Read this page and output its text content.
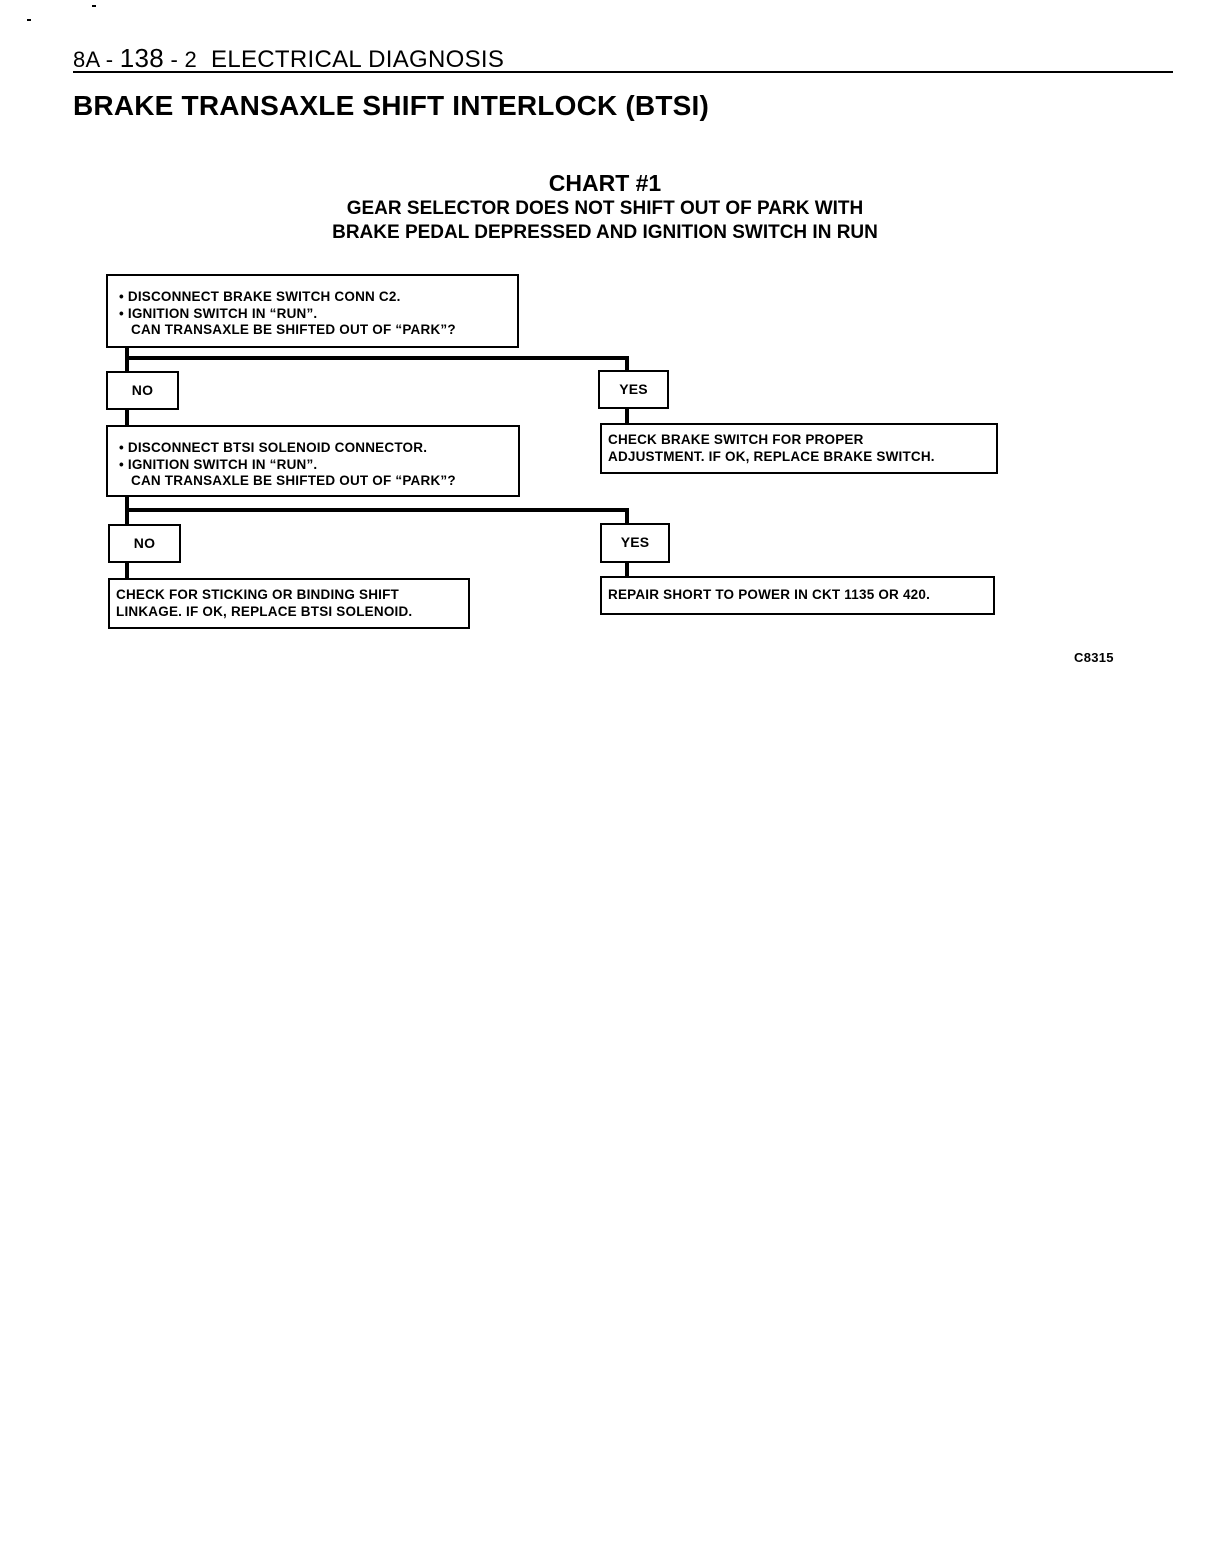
8A - 138 - 2 ELECTRICAL DIAGNOSIS
BRAKE TRANSAXLE SHIFT INTERLOCK (BTSI)
CHART #1
GEAR SELECTOR DOES NOT SHIFT OUT OF PARK WITH
BRAKE PEDAL DEPRESSED AND IGNITION SWITCH IN RUN
• DISCONNECT BRAKE SWITCH CONN C2.
• IGNITION SWITCH IN “RUN”.
CAN TRANSAXLE BE SHIFTED OUT OF “PARK”?
NO	YES
CHECK BRAKE SWITCH FOR PROPER
ADJUSTMENT. IF OK, REPLACE BRAKE SWITCH.
• DISCONNECT BTSI SOLENOID CONNECTOR.
• IGNITION SWITCH IN “RUN”.
CAN TRANSAXLE BE SHIFTED OUT OF “PARK”?
NO	YES
CHECK FOR STICKING OR BINDING SHIFT
LINKAGE. IF OK, REPLACE BTSI SOLENOID.
REPAIR SHORT TO POWER IN CKT 1135 OR 420.
C8315
